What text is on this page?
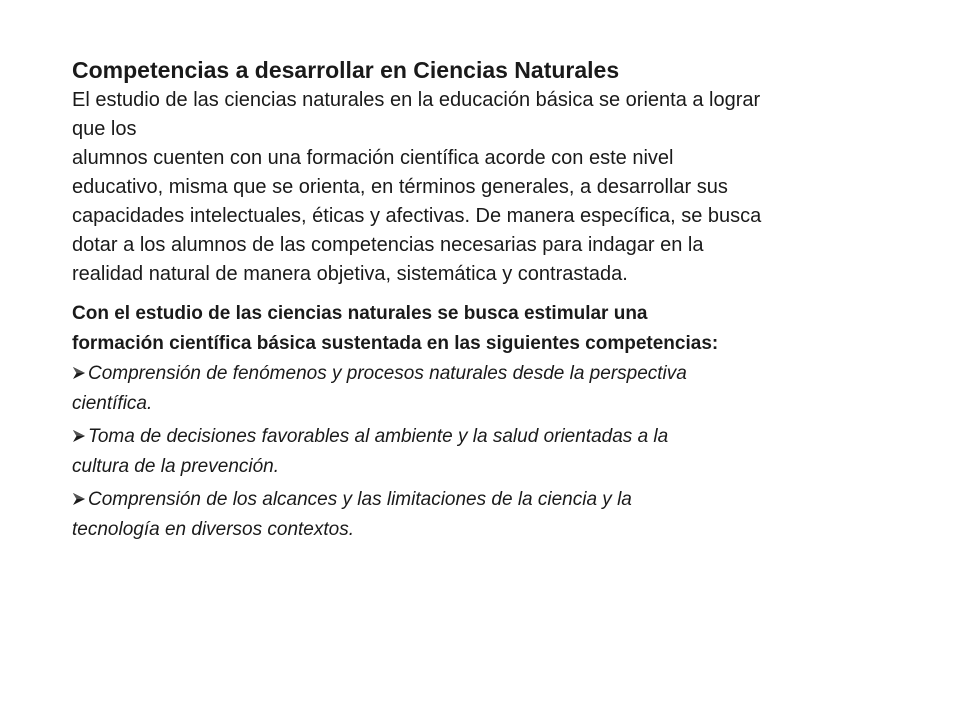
Competencias a desarrollar en Ciencias Naturales

El estudio de las ciencias naturales en la educación básica se orienta a lograr
que los
alumnos cuenten con una formación científica acorde con este nivel
educativo, misma que se orienta, en términos generales, a desarrollar sus
capacidades intelectuales, éticas y afectivas. De manera específica, se busca
dotar a los alumnos de las competencias necesarias para indagar en la
realidad natural de manera objetiva, sistemática y contrastada.

Con el estudio de las ciencias naturales se busca estimular una
formación científica básica sustentada en las siguientes competencias:

Comprensión de fenómenos y procesos naturales desde la perspectiva
científica.
Toma de decisiones favorables al ambiente y la salud orientadas a la
cultura de la prevención.
Comprensión de los alcances y las limitaciones de la ciencia y la
tecnología en diversos contextos.
